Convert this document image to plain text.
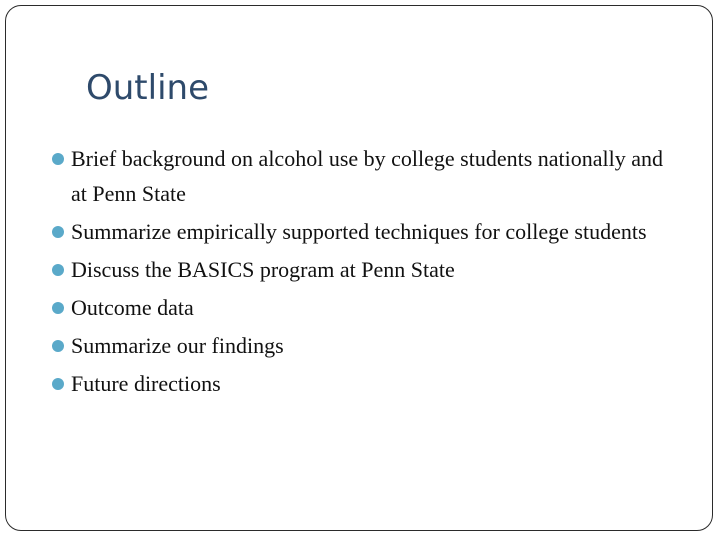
Outline
Brief background on alcohol use by college students nationally and at Penn State
Summarize empirically supported techniques for college students
Discuss the BASICS program at Penn State
Outcome data
Summarize our findings
Future directions
